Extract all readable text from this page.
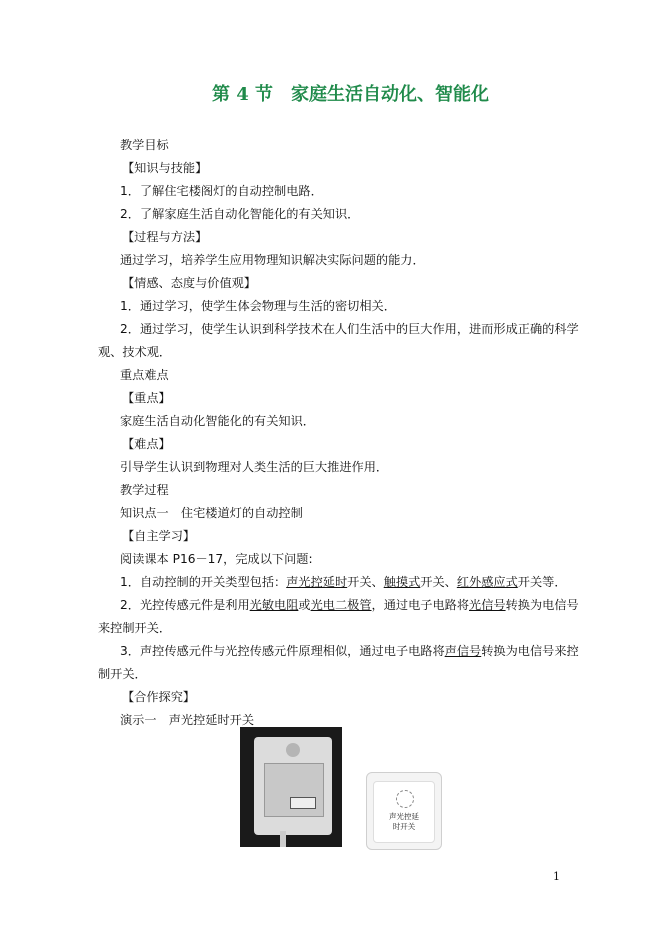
第 4 节　家庭生活自动化、智能化
教学目标
【知识与技能】
1．了解住宅楼阁灯的自动控制电路．
2．了解家庭生活自动化智能化的有关知识．
【过程与方法】
通过学习，培养学生应用物理知识解决实际问题的能力．
【情感、态度与价值观】
1．通过学习，使学生体会物理与生活的密切相关．
2．通过学习，使学生认识到科学技术在人们生活中的巨大作用，进而形成正确的科学
观、技术观．
重点难点
【重点】
家庭生活自动化智能化的有关知识．
【难点】
引导学生认识到物理对人类生活的巨大推进作用．
教学过程
知识点一　住宅楼道灯的自动控制
【自主学习】
阅读课本 P16－17，完成以下问题:
1．自动控制的开关类型包括：声光控延时开关、触摸式开关、红外感应式开关等．
2．光控传感元件是利用光敏电阻或光电二极管，通过电子电路将光信号转换为电信号
来控制开关．
3．声控传感元件与光控传感元件原理相似，通过电子电路将声信号转换为电信号来控
制开关．
【合作探究】
演示一　声光控延时开关
声光控延
时开关
1
